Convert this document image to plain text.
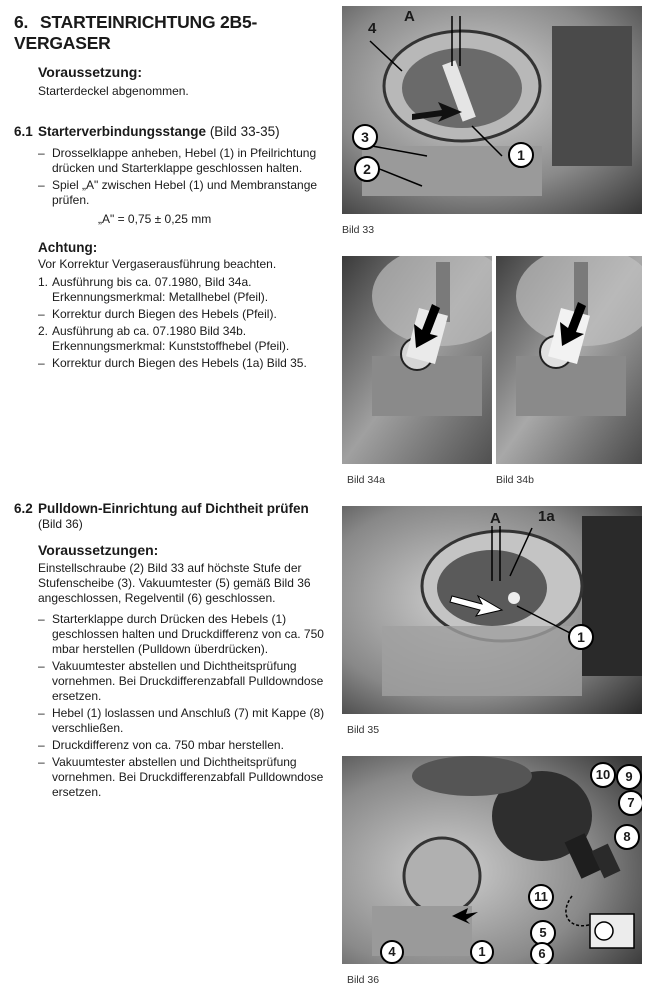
6. STARTEINRICHTUNG 2B5-VERGASER

Voraussetzung:

Starterdeckel abgenommen.

6.1 Starterverbindungsstange (Bild 33-35)

– Drosselklappe anheben, Hebel (1) in Pfeilrichtung drücken und Starterklappe geschlossen halten.
– Spiel „A" zwischen Hebel (1) und Membranstange prüfen.

„A" = 0,75 ± 0,25 mm

Achtung:

Vor Korrektur Vergaserausführung beachten.

1. Ausführung bis ca. 07.1980, Bild 34a. Erkennungsmerkmal: Metallhebel (Pfeil).
– Korrektur durch Biegen des Hebels (Pfeil).
2. Ausführung ab ca. 07.1980 Bild 34b. Erkennungsmerkmal: Kunststoffhebel (Pfeil).
– Korrektur durch Biegen des Hebels (1a) Bild 35.

6.2 Pulldown-Einrichtung auf Dichtheit prüfen

(Bild 36)

Voraussetzungen:

Einstellschraube (2) Bild 33 auf höchste Stufe der Stufenscheibe (3). Vakuumtester (5) gemäß Bild 36 angeschlossen, Regelventil (6) geschlossen.

– Starterklappe durch Drücken des Hebels (1) geschlossen halten und Druckdifferenz von ca. 750 mbar herstellen (Pulldown überdrücken).
– Vakuumtester abstellen und Dichtheitsprüfung vornehmen. Bei Druckdifferenzabfall Pulldowndose ersetzen.
– Hebel (1) loslassen und Anschluß (7) mit Kappe (8) verschließen.
– Druckdifferenz von ca. 750 mbar herstellen.
– Vakuumtester abstellen und Dichtheitsprüfung vornehmen. Bei Druckdifferenzabfall Pulldowndose ersetzen.
A
4
3
2
1
Bild 33
Bild 34a	Bild 34b
A 1a
1
Bild 35
10	9
7
8
11
5
6
4	1
Bild 36
